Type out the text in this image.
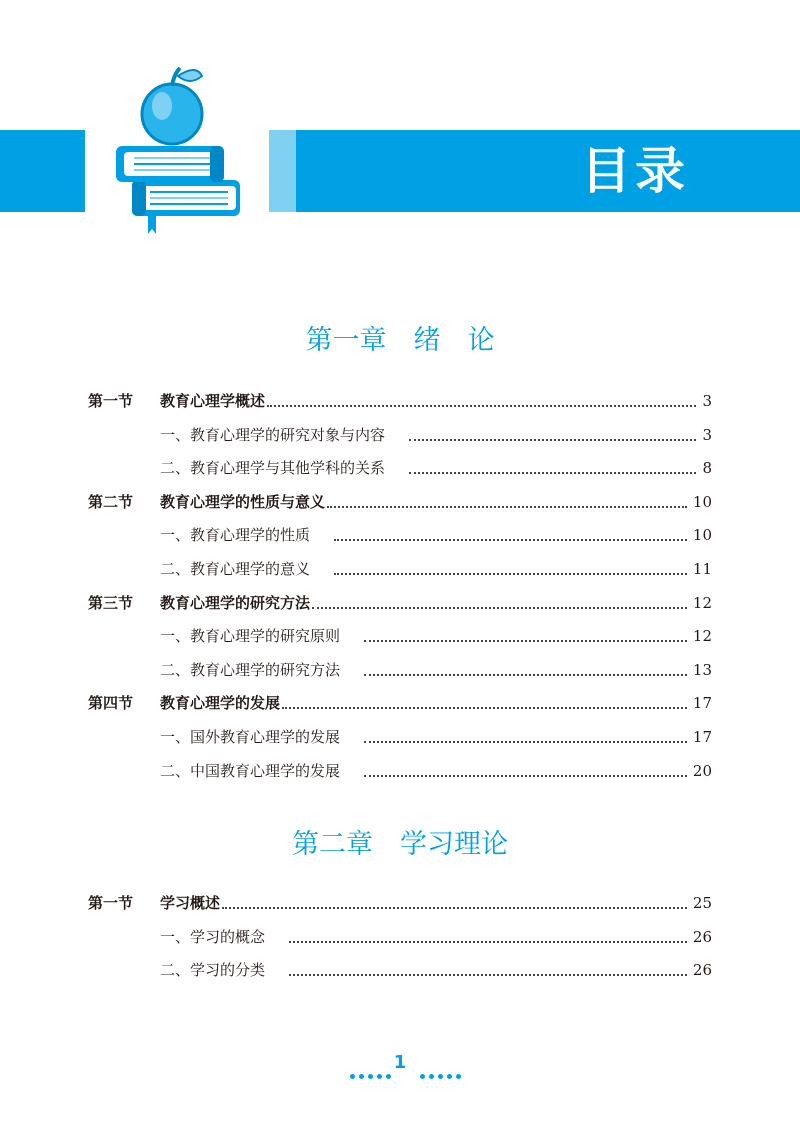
目录
第一章　绪　论
第一节 教育心理学概述	3
一、教育心理学的研究对象与内容	3
二、教育心理学与其他学科的关系	8
第二节 教育心理学的性质与意义	10
一、教育心理学的性质	10
二、教育心理学的意义	11
第三节 教育心理学的研究方法	12
一、教育心理学的研究原则	12
二、教育心理学的研究方法	13
第四节 教育心理学的发展	17
一、国外教育心理学的发展	17
二、中国教育心理学的发展	20
第二章　学习理论
第一节 学习概述	25
一、学习的概念	26
二、学习的分类	26
1
